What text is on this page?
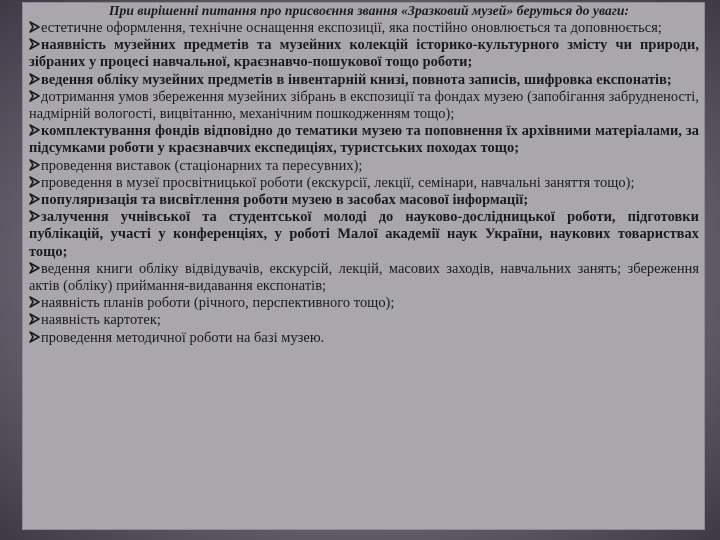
При вирішенні питання про присвоєння звання «Зразковий музей» беруться до уваги:

естетичне оформлення, технічне оснащення експозиції, яка постійно оновлюється та доповнюється;

наявність музейних предметів та музейних колекцій історико-культурного змісту чи природи, зібраних у процесі навчальної, краєзнавчо-пошукової тощо роботи;

ведення обліку музейних предметів в інвентарній книзі, повнота записів, шифровка експонатів;

дотримання умов збереження музейних зібрань в експозиції та фондах музею (запобігання забрудненості, надмірній вологості, вицвітанню, механічним пошкодженням тощо);

комплектування фондів відповідно до тематики музею та поповнення їх архівними матеріалами, за підсумками роботи у краєзнавчих експедиціях, туристських походах тощо;

проведення виставок (стаціонарних та пересувних);

проведення в музеї просвітницької роботи (екскурсії, лекції, семінари, навчальні заняття тощо);

популяризація та висвітлення роботи музею в засобах масової інформації;

залучення учнівської та студентської молоді до науково-дослідницької роботи, підготовки публікацій, участі у конференціях, у роботі Малої академії наук України, наукових товариствах тощо;

ведення книги обліку відвідувачів, екскурсій, лекцій, масових заходів, навчальних занять; збереження актів (обліку) приймання-видавання експонатів;

наявність планів роботи (річного, перспективного тощо);

наявність картотек;

проведення методичної роботи на базі музею.
